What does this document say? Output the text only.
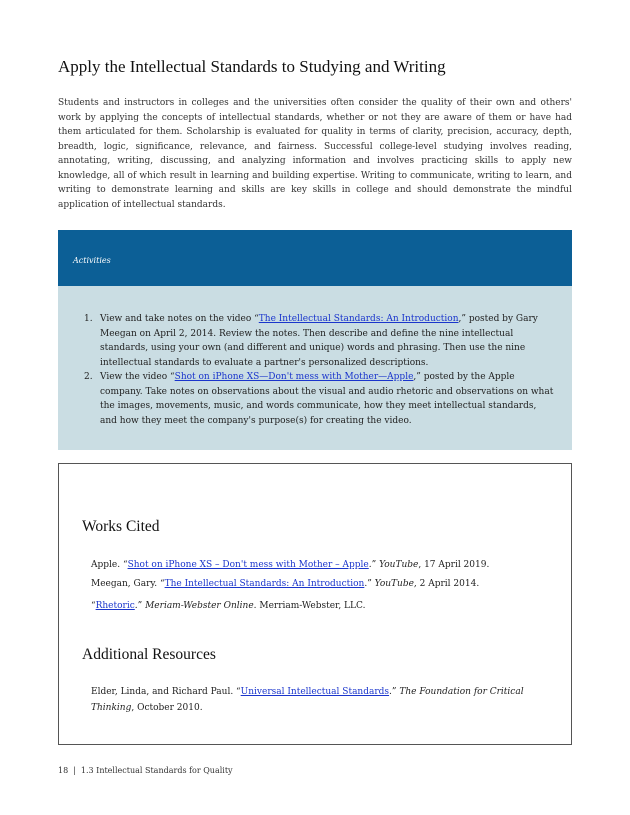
Apply the Intellectual Standards to Studying and Writing

Students and instructors in colleges and the universities often consider the quality of their own and others' work by applying the concepts of intellectual standards, whether or not they are aware of them or have had them articulated for them. Scholarship is evaluated for quality in terms of clarity, precision, accuracy, depth, breadth, logic, significance, relevance, and fairness. Successful college-level studying involves reading, annotating, writing, discussing, and analyzing information and involves practicing skills to apply new knowledge, all of which result in learning and building expertise. Writing to communicate, writing to learn, and writing to demonstrate learning and skills are key skills in college and should demonstrate the mindful application of intellectual standards.

Activities
1. View and take notes on the video “The Intellectual Standards: An Introduction,” posted by Gary Meegan on April 2, 2014. Review the notes. Then describe and define the nine intellectual standards, using your own (and different and unique) words and phrasing. Then use the nine intellectual standards to evaluate a partner's personalized descriptions.
2. View the video “Shot on iPhone XS—Don't mess with Mother—Apple,” posted by the Apple company. Take notes on observations about the visual and audio rhetoric and observations on what the images, movements, music, and words communicate, how they meet intellectual standards, and how they meet the company's purpose(s) for creating the video.
Works Cited
Apple. “Shot on iPhone XS – Don't mess with Mother – Apple.” YouTube, 17 April 2019.
Meegan, Gary. “The Intellectual Standards: An Introduction.” YouTube, 2 April 2014.
“Rhetoric.” Meriam-Webster Online. Merriam-Webster, LLC.
Additional Resources
Elder, Linda, and Richard Paul. “Universal Intellectual Standards.” The Foundation for Critical Thinking, October 2010.
18 | 1.3 Intellectual Standards for Quality
